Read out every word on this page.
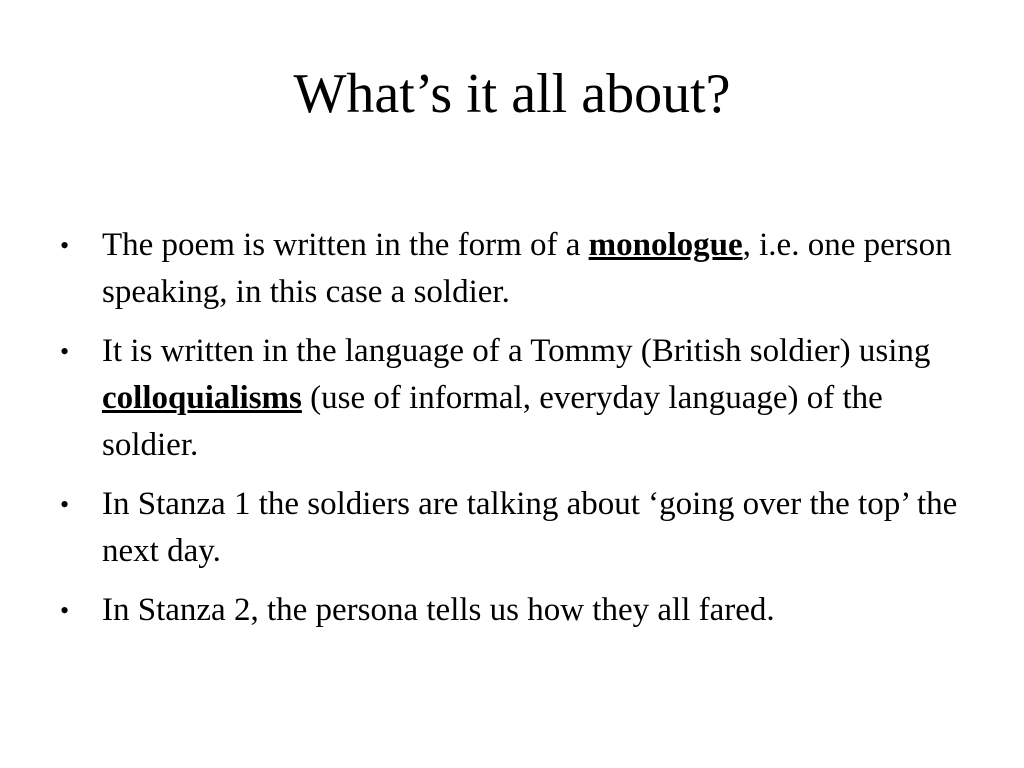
What’s it all about?
• The poem is written in the form of a monologue, i.e. one person speaking, in this case a soldier.
• It is written in the language of a Tommy (British soldier) using colloquialisms (use of informal, everyday language) of the soldier.
• In Stanza 1 the soldiers are talking about ‘going over the top’ the next day.
• In Stanza 2, the persona tells us how they all fared.
